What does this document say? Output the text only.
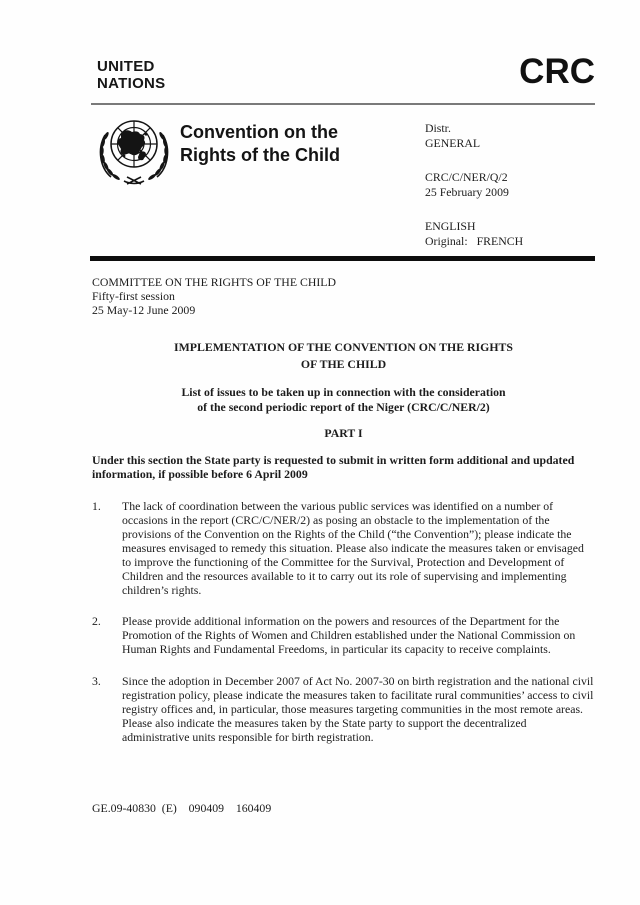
UNITED
NATIONS	CRC
Convention on the
Rights of the Child
Distr.
GENERAL
CRC/C/NER/Q/2
25 February 2009
ENGLISH
Original: FRENCH
COMMITTEE ON THE RIGHTS OF THE CHILD
Fifty-first session
25 May-12 June 2009
IMPLEMENTATION OF THE CONVENTION ON THE RIGHTS
OF THE CHILD
List of issues to be taken up in connection with the consideration
of the second periodic report of the Niger (CRC/C/NER/2)
PART I
Under this section the State party is requested to submit in written form additional and updated information, if possible before 6 April 2009
1. The lack of coordination between the various public services was identified on a number of occasions in the report (CRC/C/NER/2) as posing an obstacle to the implementation of the provisions of the Convention on the Rights of the Child (“the Convention”); please indicate the measures envisaged to remedy this situation. Please also indicate the measures taken or envisaged to improve the functioning of the Committee for the Survival, Protection and Development of Children and the resources available to it to carry out its role of supervising and implementing children’s rights.
2. Please provide additional information on the powers and resources of the Department for the Promotion of the Rights of Women and Children established under the National Commission on Human Rights and Fundamental Freedoms, in particular its capacity to receive complaints.
3. Since the adoption in December 2007 of Act No. 2007-30 on birth registration and the national civil registration policy, please indicate the measures taken to facilitate rural communities’ access to civil registry offices and, in particular, those measures targeting communities in the most remote areas. Please also indicate the measures taken by the State party to support the decentralized administrative units responsible for birth registration.
GE.09-40830  (E)    090409    160409
